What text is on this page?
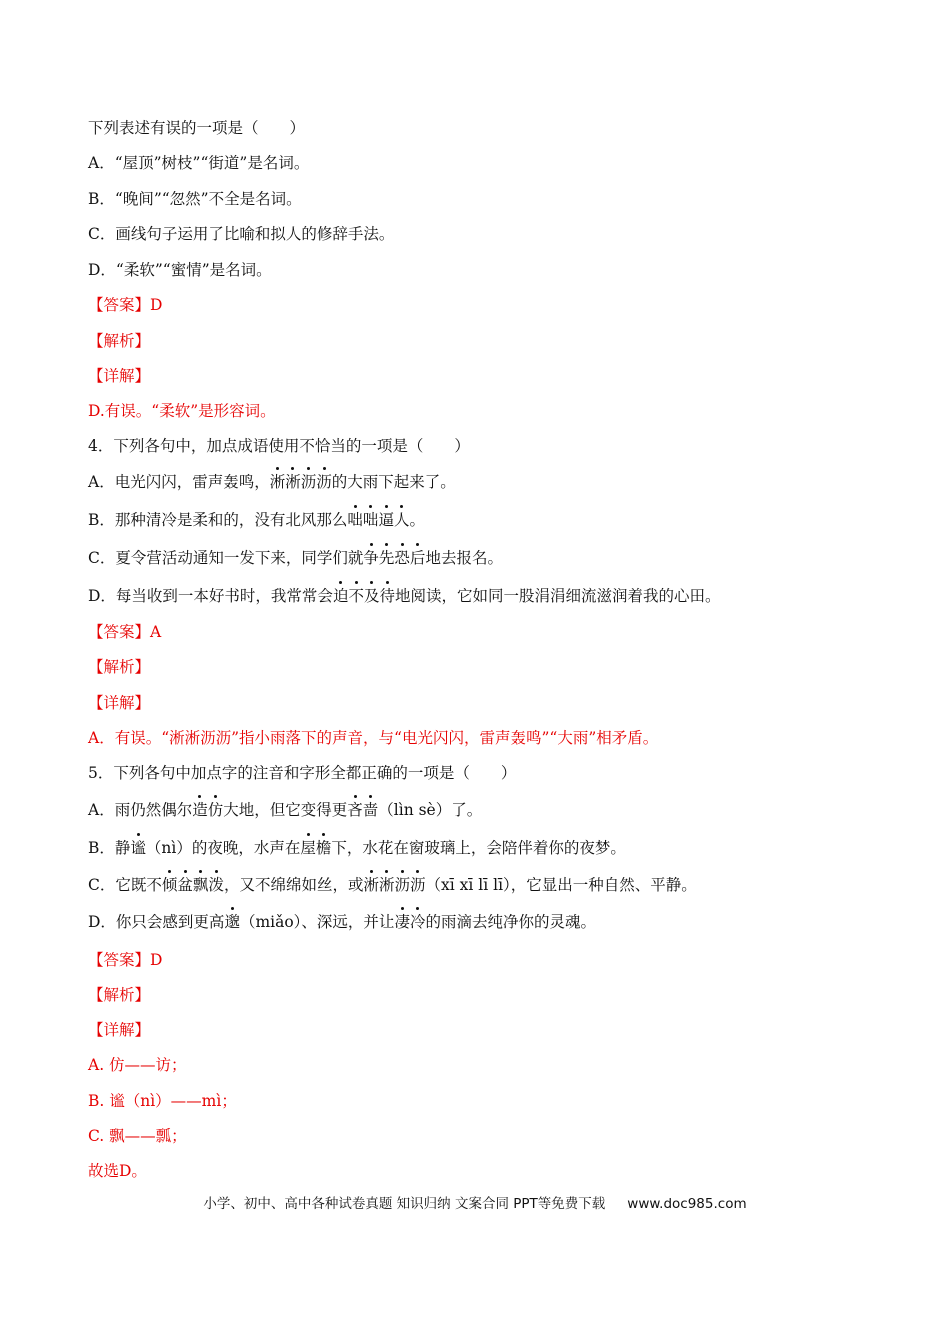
下列表述有误的一项是（　　）
A．“屋顶”树枝”“街道”是名词。
B．“晚间”“忽然”不全是名词。
C．画线句子运用了比喻和拟人的修辞手法。
D．“柔软”“蜜情”是名词。
【答案】D
【解析】
【详解】
D.有误。“柔软”是形容词。
4．下列各句中，加点成语使用不恰当的一项是（　　）
A．电光闪闪，雷声轰鸣，淅淅沥沥的大雨下起来了。
B．那种清冷是柔和的，没有北风那么咄咄逼人。
C．夏令营活动通知一发下来，同学们就争先恐后地去报名。
D．每当收到一本好书时，我常常会迫不及待地阅读，它如同一股涓涓细流滋润着我的心田。
【答案】A
【解析】
【详解】
A．有误。“淅淅沥沥”指小雨落下的声音，与“电光闪闪，雷声轰鸣”“大雨”相矛盾。
5．下列各句中加点字的注音和字形全都正确的一项是（　　）
A．雨仍然偶尔造仿大地，但它变得更吝啬（lìn sè）了。
B．静谧（nì）的夜晚，水声在屋檐下，水花在窗玻璃上，会陪伴着你的夜梦。
C．它既不倾盆飘泼，又不绵绵如丝，或淅淅沥沥（xī xī lī lī），它显出一种自然、平静。
D．你只会感到更高邈（miǎo）、深远，并让凄冷的雨滴去纯净你的灵魂。
【答案】D
【解析】
【详解】
A. 仿——访；
B. 谧（nì）——mì；
C. 飘——瓢；
故选D。
小学、初中、高中各种试卷真题 知识归纳 文案合同 PPT等免费下载 www.doc985.com
